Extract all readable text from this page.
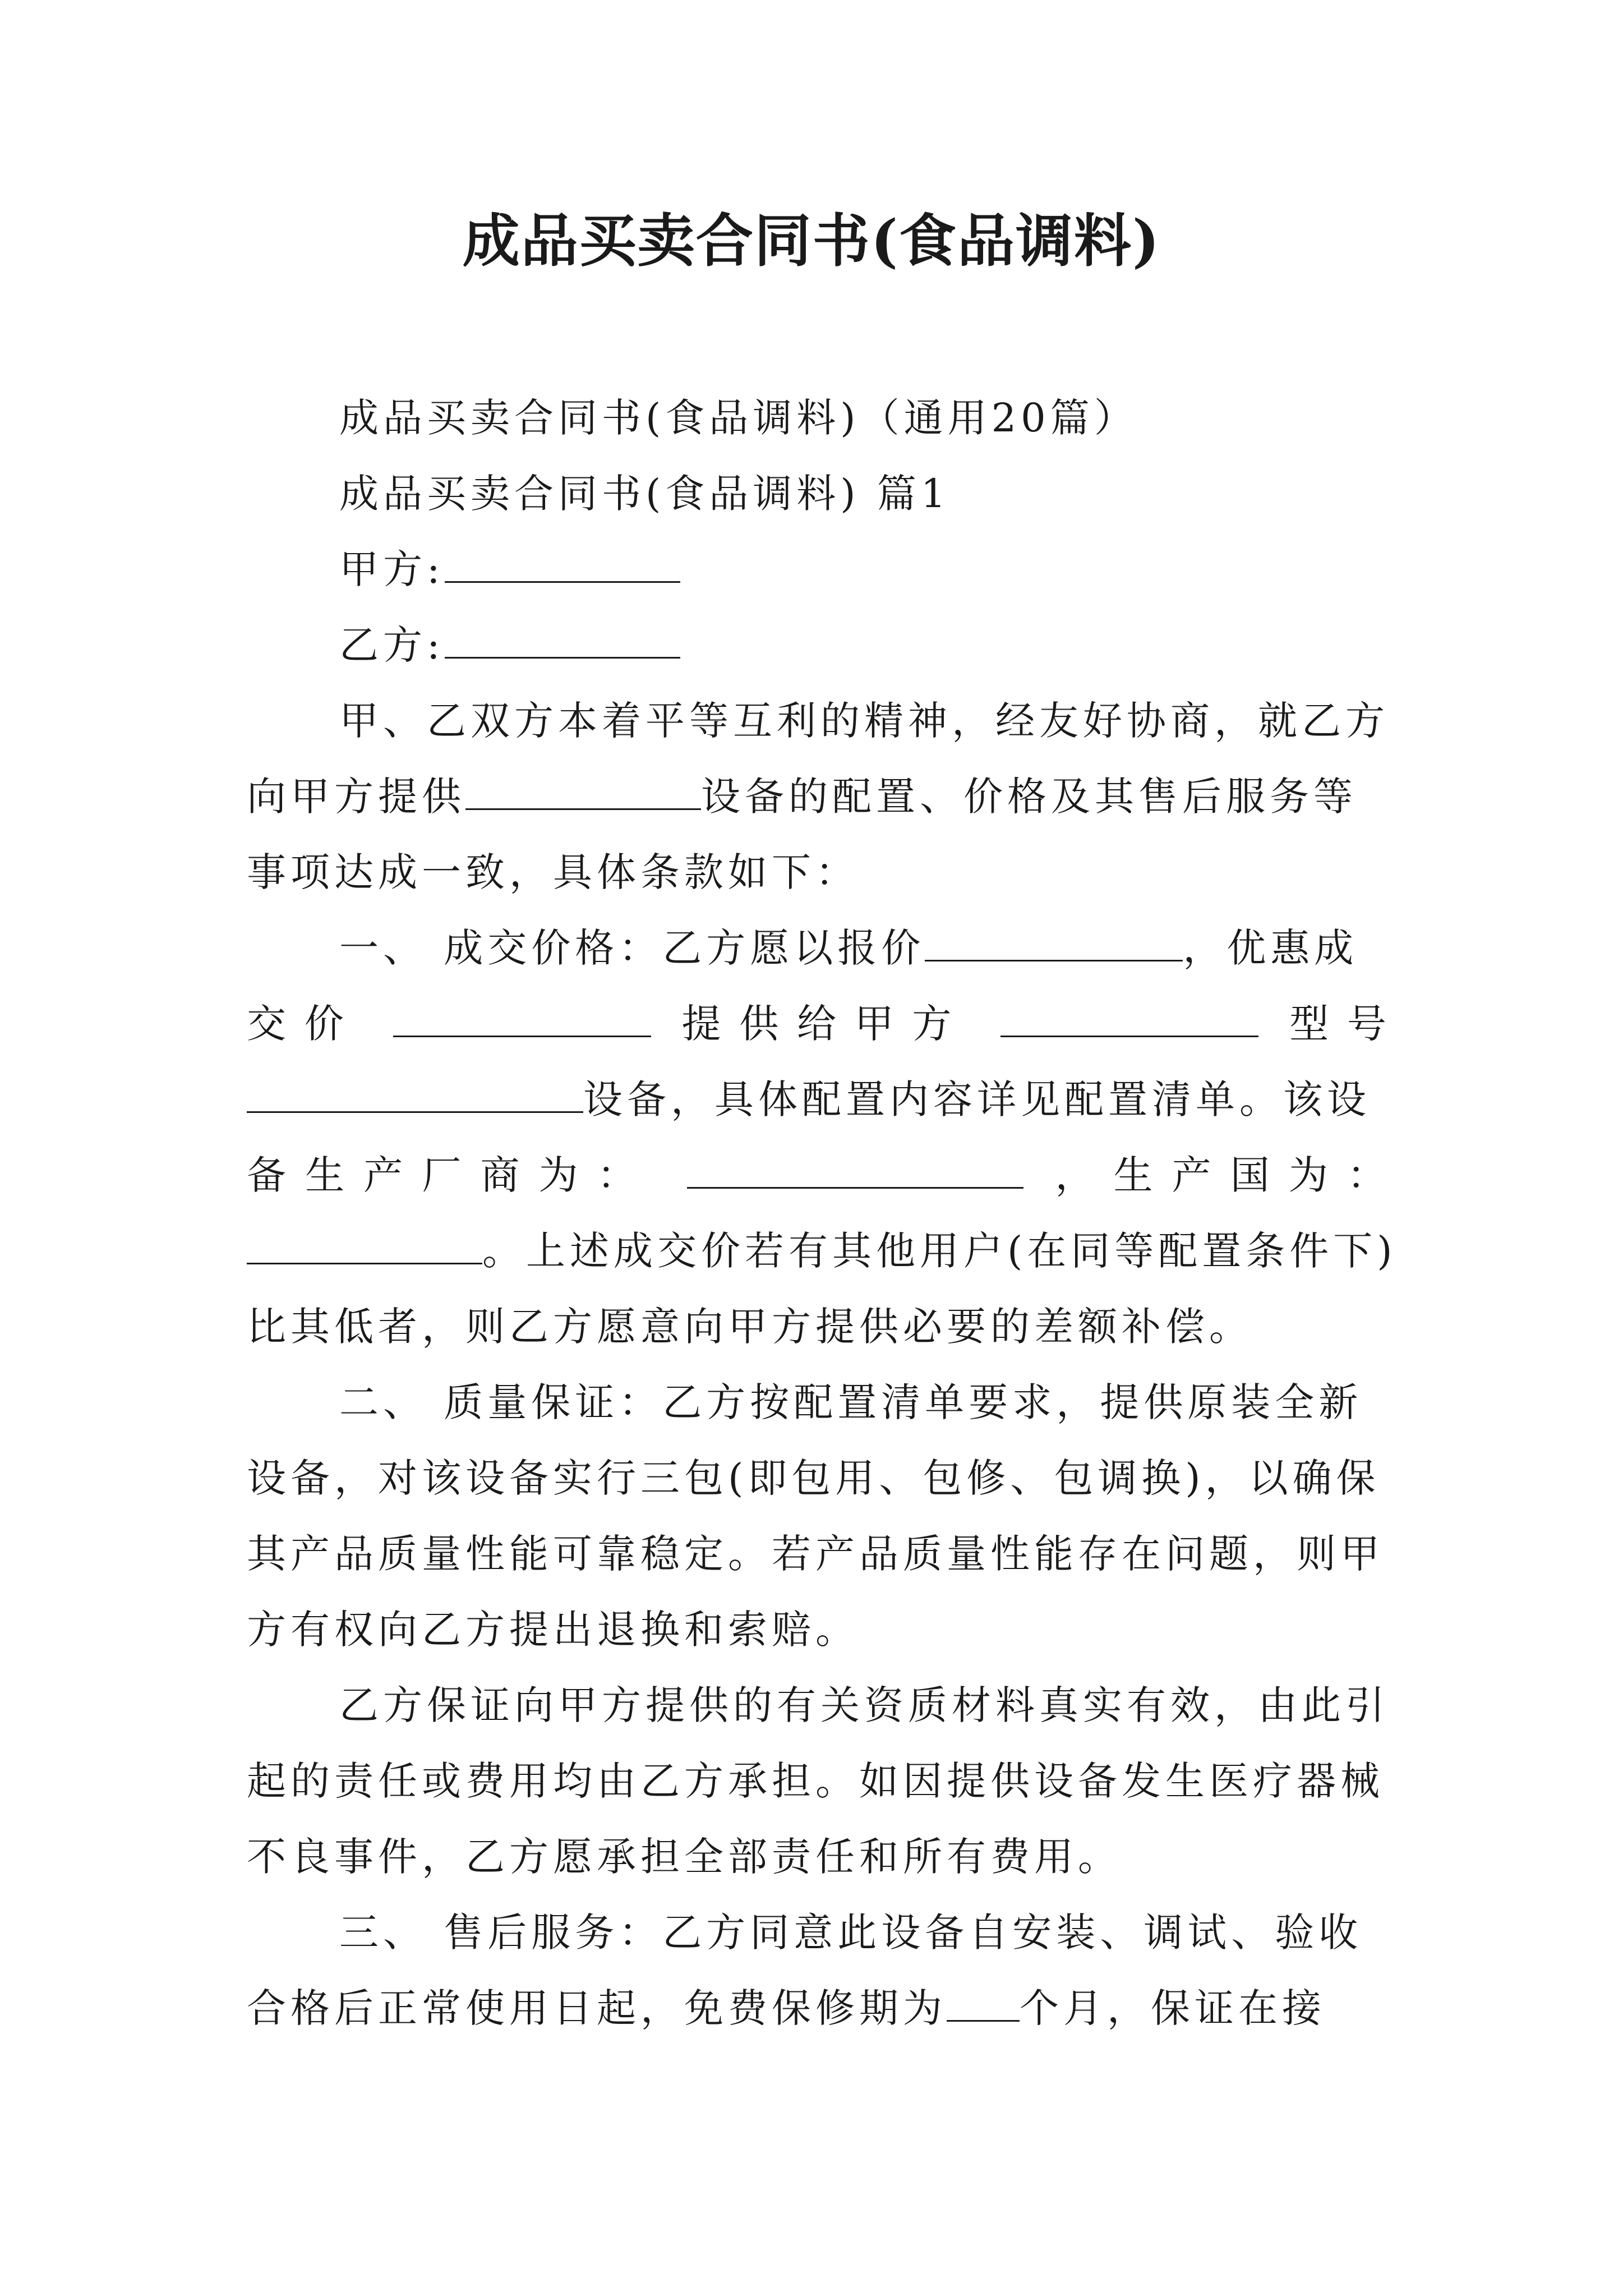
成品买卖合同书(食品调料)
成品买卖合同书(食品调料)（通用20篇）
成品买卖合同书(食品调料) 篇1
甲方:
乙方:
甲、乙双方本着平等互利的精神，经友好协商，就乙方
向甲方提供	设备的配置、价格及其售后服务等
事项达成一致，具体条款如下：
一、 成交价格：乙方愿以报价	，优惠成
交价	提供给甲方	型号
设备，具体配置内容详见配置清单。该设
备生产厂商为：	，生产国为：
。上述成交价若有其他用户(在同等配置条件下)
比其低者，则乙方愿意向甲方提供必要的差额补偿。
二、 质量保证：乙方按配置清单要求，提供原装全新
设备，对该设备实行三包(即包用、包修、包调换)，以确保
其产品质量性能可靠稳定。若产品质量性能存在问题，则甲
方有权向乙方提出退换和索赔。
乙方保证向甲方提供的有关资质材料真实有效，由此引
起的责任或费用均由乙方承担。如因提供设备发生医疗器械
不良事件，乙方愿承担全部责任和所有费用。
三、 售后服务：乙方同意此设备自安装、调试、验收
合格后正常使用日起，免费保修期为 个月，保证在接
